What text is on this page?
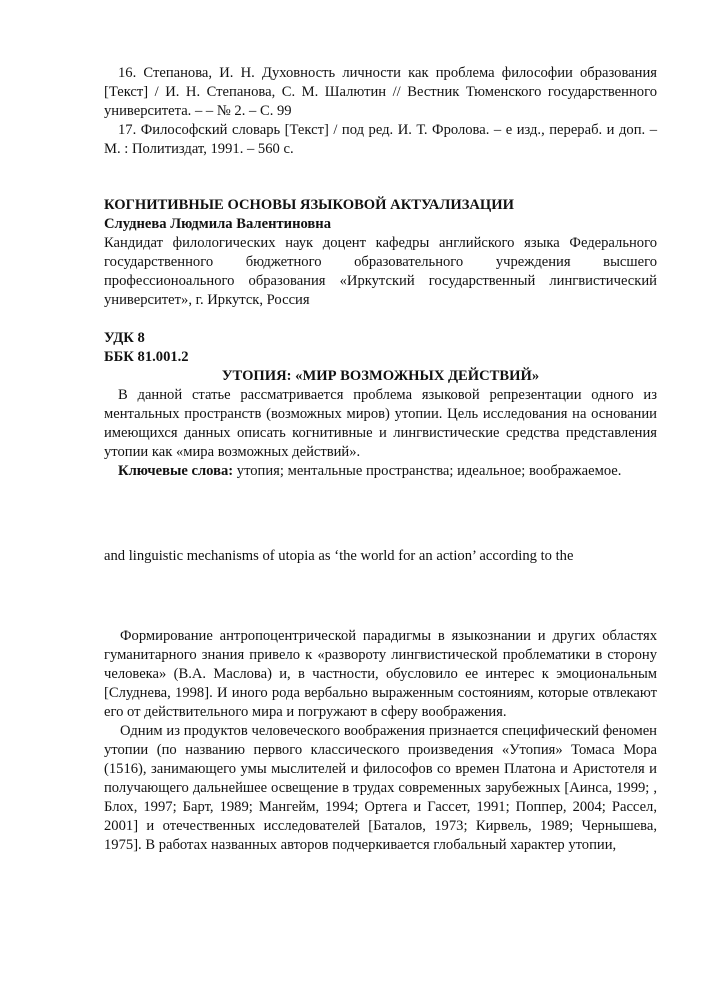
16. Степанова, И. Н. Духовность личности как проблема философии образования [Текст] / И. Н. Степанова, С. М. Шалютин // Вестник Тюменского государственного университета. – – № 2. – С. 99

17. Философский словарь [Текст] / под ред. И. Т. Фролова. – е изд., перераб. и доп. – М. : Политиздат, 1991. – 560 с.

КОГНИТИВНЫЕ ОСНОВЫ ЯЗЫКОВОЙ АКТУАЛИЗАЦИИ

Слуднева Людмила Валентиновна

Кандидат филологических наук доцент кафедры английского языка Федерального государственного бюджетного образовательного учреждения высшего профессионоального образования «Иркутский государственный лингвистический университет», г. Иркутск, Россия

УДК 8

ББК 81.001.2

УТОПИЯ: «МИР ВОЗМОЖНЫХ ДЕЙСТВИЙ»

В данной статье рассматривается проблема языковой репрезентации одного из ментальных пространств (возможных миров) утопии. Цель исследования на основании имеющихся данных описать когнитивные и лингвистические средства представления утопии как «мира возможных действий».

Ключевые слова: утопия; ментальные пространства; идеальное; воображаемое.

and linguistic mechanisms of utopia as ‘the world for an action’ according to the

Формирование антропоцентрической парадигмы в языкознании и других областях гуманитарного знания привело к «развороту лингвистической проблематики в сторону человека» (В.А. Маслова) и, в частности, обусловило ее интерес к эмоциональным [Слуднева, 1998]. И иного рода вербально выраженным состояниям, которые отвлекают его от действительного мира и погружают в сферу воображения.

Одним из продуктов человеческого воображения признается специфический феномен утопии (по названию первого классического произведения «Утопия» Томаса Мора (1516), занимающего умы мыслителей и философов со времен Платона и Аристотеля и получающего дальнейшее освещение в трудах современных зарубежных [Аинса, 1999; , Блох, 1997; Барт, 1989; Мангейм, 1994; Ортега и Гассет, 1991; Поппер, 2004; Рассел, 2001] и отечественных исследователей [Баталов, 1973; Кирвель, 1989; Чернышева, 1975]. В работах названных авторов подчеркивается глобальный характер утопии,
